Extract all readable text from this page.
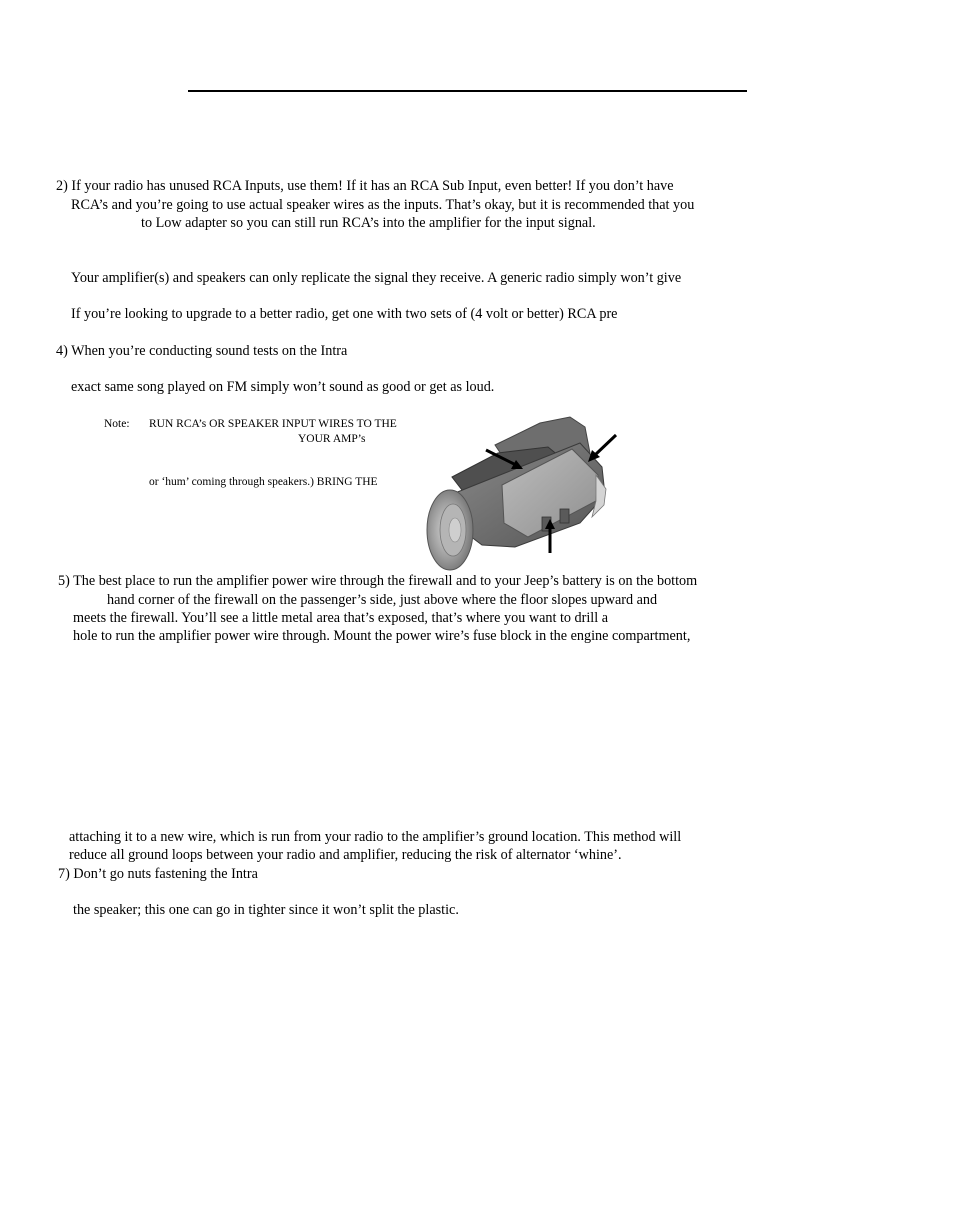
2) If your radio has unused RCA Inputs, use them! If it has an RCA Sub Input, even better! If you don’t have
RCA’s and you’re going to use actual speaker wires as the inputs. That’s okay, but it is recommended that you
to Low adapter so you can still run RCA’s into the amplifier for the input signal.
Your amplifier(s) and speakers can only replicate the signal they receive. A generic radio simply won’t give
If you’re looking to upgrade to a better radio, get one with two sets of (4 volt or better) RCA pre
4) When you’re conducting sound tests on the Intra
exact same song played on FM simply won’t sound as good or get as loud.
Note: RUN RCA’s OR SPEAKER INPUT WIRES TO THE
YOUR AMP’s
or ‘hum’ coming through speakers.) BRING THE
5) The best place to run the amplifier power wire through the firewall and to your Jeep’s battery is on the bottom
hand corner of the firewall on the passenger’s side, just above where the floor slopes upward and
meets the firewall. You’ll see a little metal area that’s exposed, that’s where you want to drill a
hole to run the amplifier power wire through. Mount the power wire’s fuse block in the engine compartment,
attaching it to a new wire, which is run from your radio to the amplifier’s ground location. This method will
reduce all ground loops between your radio and amplifier, reducing the risk of alternator ‘whine’.
7) Don’t go nuts fastening the Intra
the speaker; this one can go in tighter since it won’t split the plastic.
